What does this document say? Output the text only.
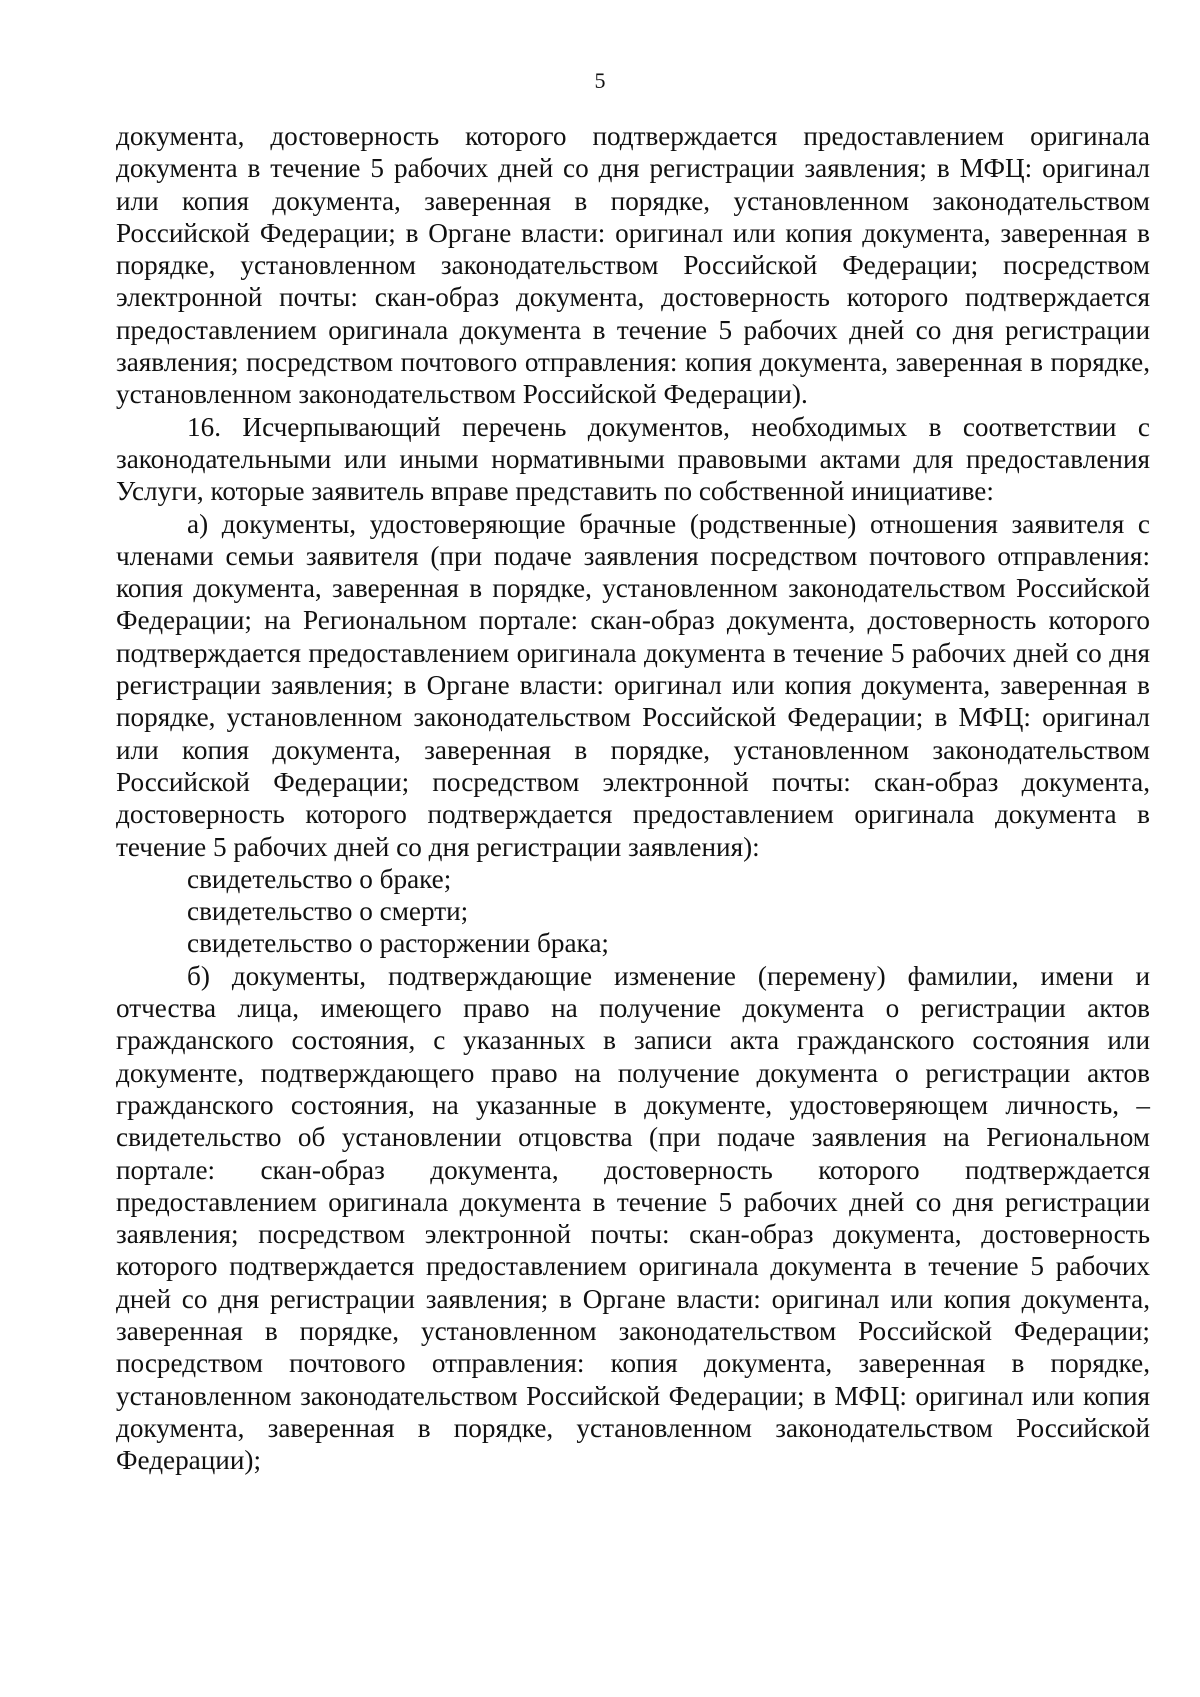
5

документа, достоверность которого подтверждается предоставлением оригинала документа в течение 5 рабочих дней со дня регистрации заявления; в МФЦ: оригинал или копия документа, заверенная в порядке, установленном законодательством Российской Федерации; в Органе власти: оригинал или копия документа, заверенная в порядке, установленном законодательством Российской Федерации; посредством электронной почты: скан-образ документа, достоверность которого подтверждается предоставлением оригинала документа в течение 5 рабочих дней со дня регистрации заявления; посредством почтового отправления: копия документа, заверенная в порядке, установленном законодательством Российской Федерации).

16. Исчерпывающий перечень документов, необходимых в соответствии с законодательными или иными нормативными правовыми актами для предоставления Услуги, которые заявитель вправе представить по собственной инициативе:

а) документы, удостоверяющие брачные (родственные) отношения заявителя с членами семьи заявителя (при подаче заявления посредством почтового отправления: копия документа, заверенная в порядке, установленном законодательством Российской Федерации; на Региональном портале: скан-образ документа, достоверность которого подтверждается предоставлением оригинала документа в течение 5 рабочих дней со дня регистрации заявления; в Органе власти: оригинал или копия документа, заверенная в порядке, установленном законодательством Российской Федерации; в МФЦ: оригинал или копия документа, заверенная в порядке, установленном законодательством Российской Федерации; посредством электронной почты: скан-образ документа, достоверность которого подтверждается предоставлением оригинала документа в течение 5 рабочих дней со дня регистрации заявления):

свидетельство о браке;

свидетельство о смерти;

свидетельство о расторжении брака;

б) документы, подтверждающие изменение (перемену) фамилии, имени и отчества лица, имеющего право на получение документа о регистрации актов гражданского состояния, с указанных в записи акта гражданского состояния или документе, подтверждающего право на получение документа о регистрации актов гражданского состояния, на указанные в документе, удостоверяющем личность, – свидетельство об установлении отцовства (при подаче заявления на Региональном портале: скан-образ документа, достоверность которого подтверждается предоставлением оригинала документа в течение 5 рабочих дней со дня регистрации заявления; посредством электронной почты: скан-образ документа, достоверность которого подтверждается предоставлением оригинала документа в течение 5 рабочих дней со дня регистрации заявления; в Органе власти: оригинал или копия документа, заверенная в порядке, установленном законодательством Российской Федерации; посредством почтового отправления: копия документа, заверенная в порядке, установленном законодательством Российской Федерации; в МФЦ: оригинал или копия документа, заверенная в порядке, установленном законодательством Российской Федерации);
